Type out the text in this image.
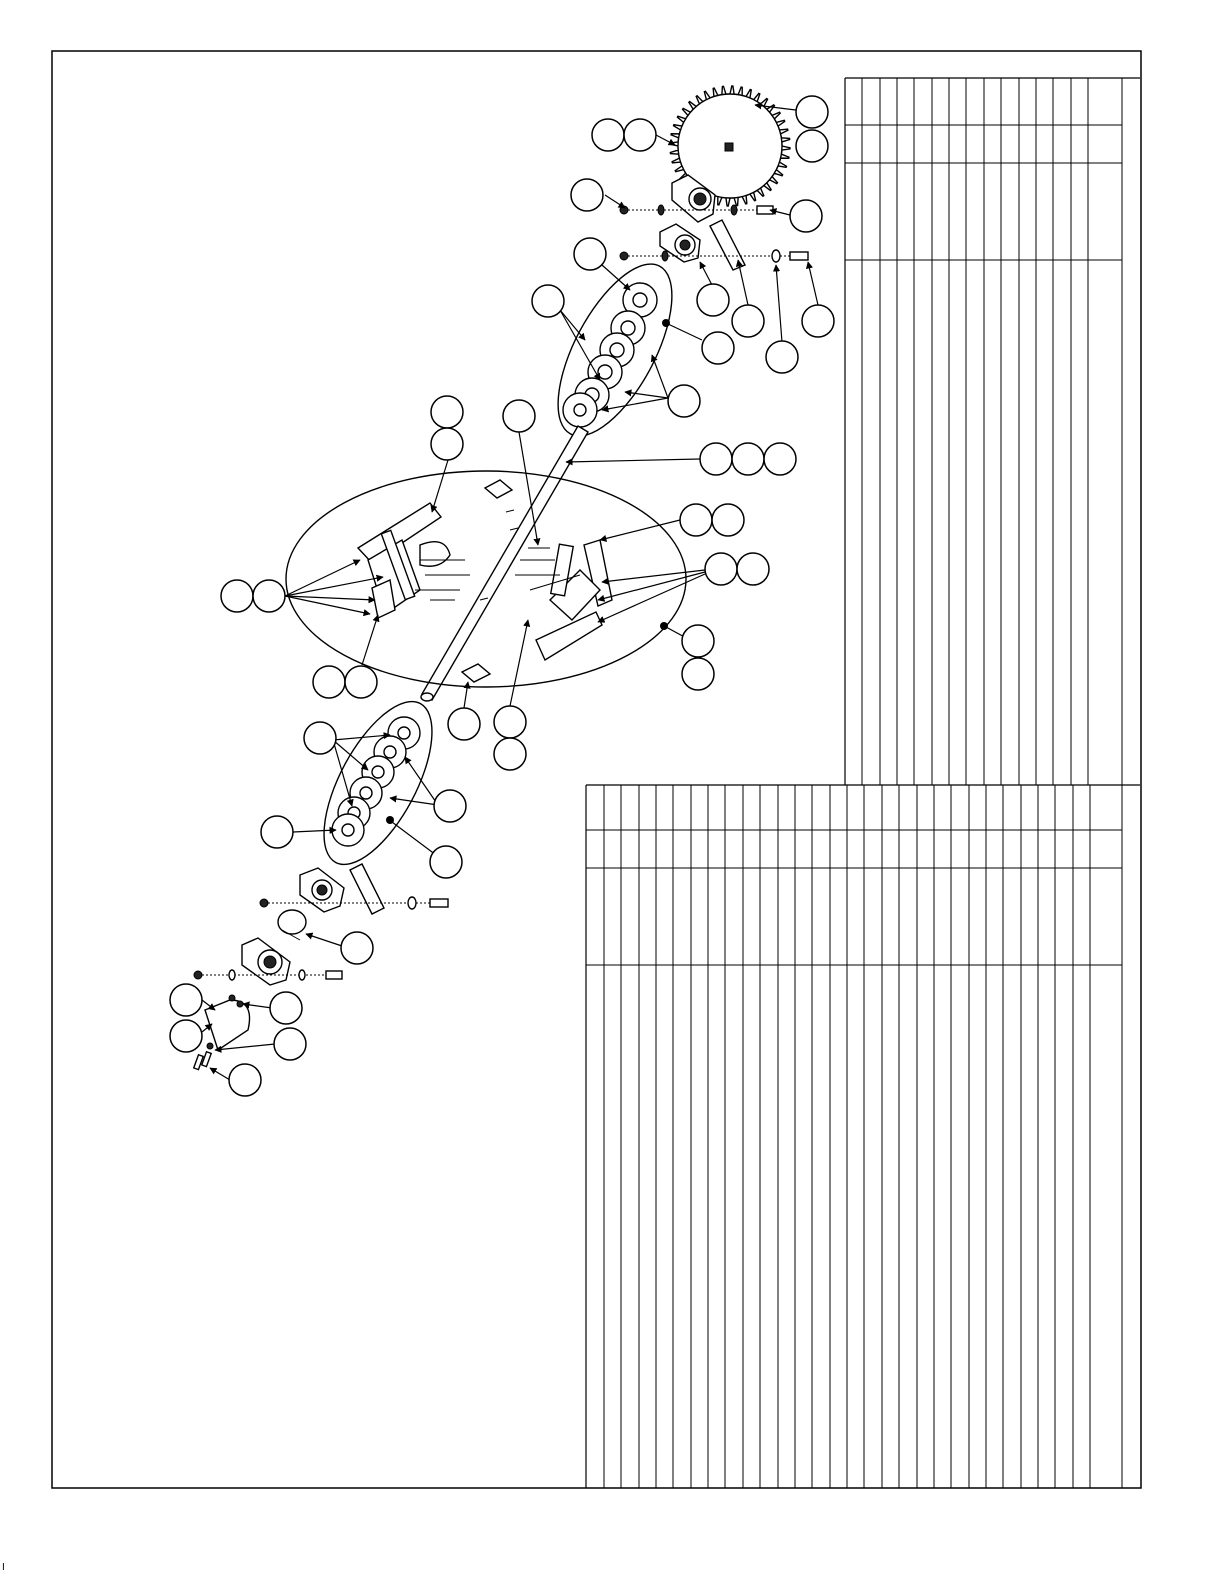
I
